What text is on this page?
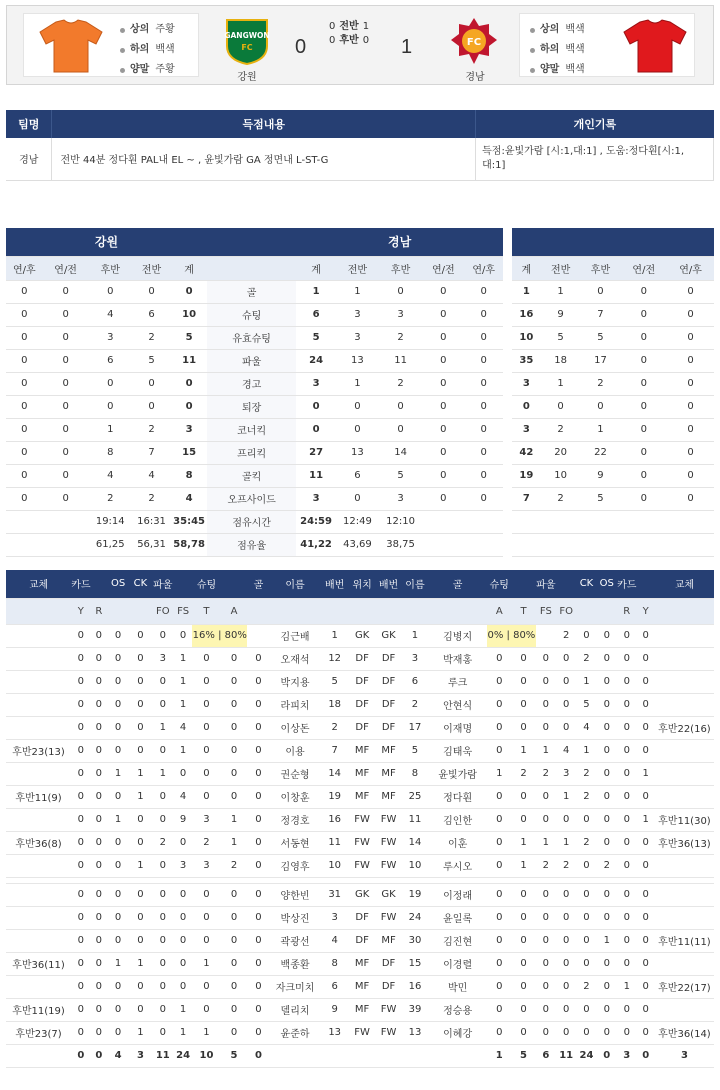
상의 주황
하의 백색
양말 주황
GANGWON
FC
강원
0
0 전반 1
0 후반 0 1	FC
경남
상의 백색
하의 백색
양말 백색
팀명	득점내용	개인기록
경남	전반 44분 정다훤 PAL내 EL ~ , 윤빛가람 GA 정면내 L-ST-G	득점:윤빛가람 [시:1,대:1] , 도움:정다훤[시:1, 대:1]
강원						경남				
연/후	연/전	후반	전반	계		계	전반	후반	연/전	연/후
0	0	0	0	0	골	1	1	0	0	0
0	0	4	6	10	슈팅	6	3	3	0	0
0	0	3	2	5	유효슈팅	5	3	2	0	0
0	0	6	5	11	파울	24	13	11	0	0
0	0	0	0	0	경고	3	1	2	0	0
0	0	0	0	0	퇴장	0	0	0	0	0
0	0	1	2	3	코너킥	0	0	0	0	0
0	0	8	7	15	프리킥	27	13	14	0	0
0	0	4	4	8	골킥	11	6	5	0	0
0	0	2	2	4	오프사이드	3	0	3	0	0
		19:14	16:31	35:45	점유시간	24:59	12:49	12:10		
		61,25	56,31	58,78	점유율	41,22	43,69	38,75		

계	전반	후반	연/전	연/후
1	1	0	0	0
16	9	7	0	0
10	5	5	0	0
35	18	17	0	0
3	1	2	0	0
0	0	0	0	0
3	2	1	0	0
42	20	22	0	0
19	10	9	0	0
7	2	5	0	0

교체	카드		OS	CK	파울		슈팅		골	이름	배번	위치	배번	이름	골	슈팅		파울		CK	OS	카드		교체
	Y	R			FO	FS	T	A								A	T	FS	FO			R	Y	
	0	0	0	0	0	0	16% | 80%			김근배	1	GK	GK	1	김병지	0% | 80%			2	0	0	0	0	
	0	0	0	0	3	1	0	0	0	오재석	12	DF	DF	3	박재홍	0	0	0	0	2	0	0	0	
	0	0	0	0	0	1	0	0	0	박지용	5	DF	DF	6	루크	0	0	0	0	1	0	0	0	
	0	0	0	0	0	1	0	0	0	라피치	18	DF	DF	2	안현식	0	0	0	0	5	0	0	0	
	0	0	0	0	1	4	0	0	0	이상돈	2	DF	DF	17	이재명	0	0	0	0	4	0	0	0	후반22(16)
후반23(13)	0	0	0	0	0	1	0	0	0	이용	7	MF	MF	5	김태욱	0	1	1	4	1	0	0	0	
	0	0	1	1	1	0	0	0	0	권순형	14	MF	MF	8	윤빛가람	1	2	2	3	2	0	0	1	
후반11(9)	0	0	0	1	0	4	0	0	0	이창훈	19	MF	MF	25	정다훤	0	0	0	1	2	0	0	0	
	0	0	1	0	0	9	3	1	0	정경호	16	FW	FW	11	김인한	0	0	0	0	0	0	0	1	후반11(30)
후반36(8)	0	0	0	0	2	0	2	1	0	서동현	11	FW	FW	14	이훈	0	1	1	1	2	0	0	0	후반36(13)
	0	0	0	1	0	3	3	2	0	김영후	10	FW	FW	10	루시오	0	1	2	2	0	2	0	0	

	0	0	0	0	0	0	0	0	0	양한빈	31	GK	GK	19	이정래	0	0	0	0	0	0	0	0	
	0	0	0	0	0	0	0	0	0	박상진	3	DF	FW	24	윤일록	0	0	0	0	0	0	0	0	
	0	0	0	0	0	0	0	0	0	곽광선	4	DF	MF	30	김진현	0	0	0	0	0	1	0	0	후반11(11)
후반36(11)	0	0	1	1	0	0	1	0	0	백종환	8	MF	DF	15	이경렬	0	0	0	0	0	0	0	0	
	0	0	0	0	0	0	0	0	0	자크미치	6	MF	DF	16	박민	0	0	0	0	2	0	1	0	후반22(17)
후반11(19)	0	0	0	0	0	1	0	0	0	델리치	9	MF	FW	39	정승용	0	0	0	0	0	0	0	0	
후반23(7)	0	0	0	1	0	1	1	0	0	윤준하	13	FW	FW	13	이혜강	0	0	0	0	0	0	0	0	후반36(14)
	0	0	4	3	11	24	10	5	0							1	5	6	11	24	0	3	0	3
